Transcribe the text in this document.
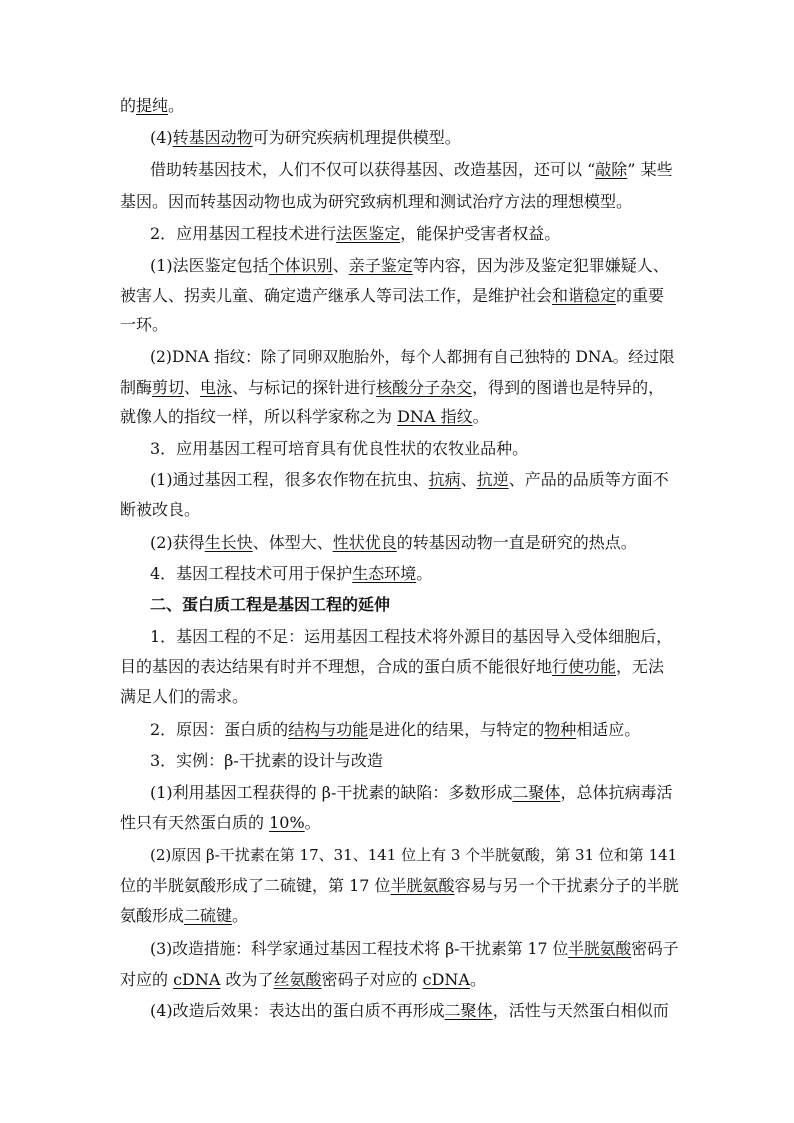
的提纯。
(4)转基因动物可为研究疾病机理提供模型。
借助转基因技术，人们不仅可以获得基因、改造基因，还可以 “敲除” 某些
基因。因而转基因动物也成为研究致病机理和测试治疗方法的理想模型。
2．应用基因工程技术进行法医鉴定，能保护受害者权益。
(1)法医鉴定包括个体识别、亲子鉴定等内容，因为涉及鉴定犯罪嫌疑人、
被害人、拐卖儿童、确定遗产继承人等司法工作，是维护社会和谐稳定的重要
一环。
(2)DNA 指纹：除了同卵双胞胎外，每个人都拥有自己独特的 DNA。经过限
制酶剪切、电泳、与标记的探针进行核酸分子杂交，得到的图谱也是特异的，
就像人的指纹一样，所以科学家称之为 DNA 指纹。
3．应用基因工程可培育具有优良性状的农牧业品种。
(1)通过基因工程，很多农作物在抗虫、抗病、抗逆、产品的品质等方面不
断被改良。
(2)获得生长快、体型大、性状优良的转基因动物一直是研究的热点。
4．基因工程技术可用于保护生态环境。
二、蛋白质工程是基因工程的延伸
1．基因工程的不足：运用基因工程技术将外源目的基因导入受体细胞后，
目的基因的表达结果有时并不理想，合成的蛋白质不能很好地行使功能，无法
满足人们的需求。
2．原因：蛋白质的结构与功能是进化的结果，与特定的物种相适应。
3．实例：β-干扰素的设计与改造
(1)利用基因工程获得的 β-干扰素的缺陷：多数形成二聚体，总体抗病毒活
性只有天然蛋白质的 10%。
(2)原因 β-干扰素在第 17、31、141 位上有 3 个半胱氨酸，第 31 位和第 141
位的半胱氨酸形成了二硫键，第 17 位半胱氨酸容易与另一个干扰素分子的半胱
氨酸形成二硫键。
(3)改造措施：科学家通过基因工程技术将 β-干扰素第 17 位半胱氨酸密码子
对应的 cDNA 改为了丝氨酸密码子对应的 cDNA。
(4)改造后效果：表达出的蛋白质不再形成二聚体，活性与天然蛋白相似而
